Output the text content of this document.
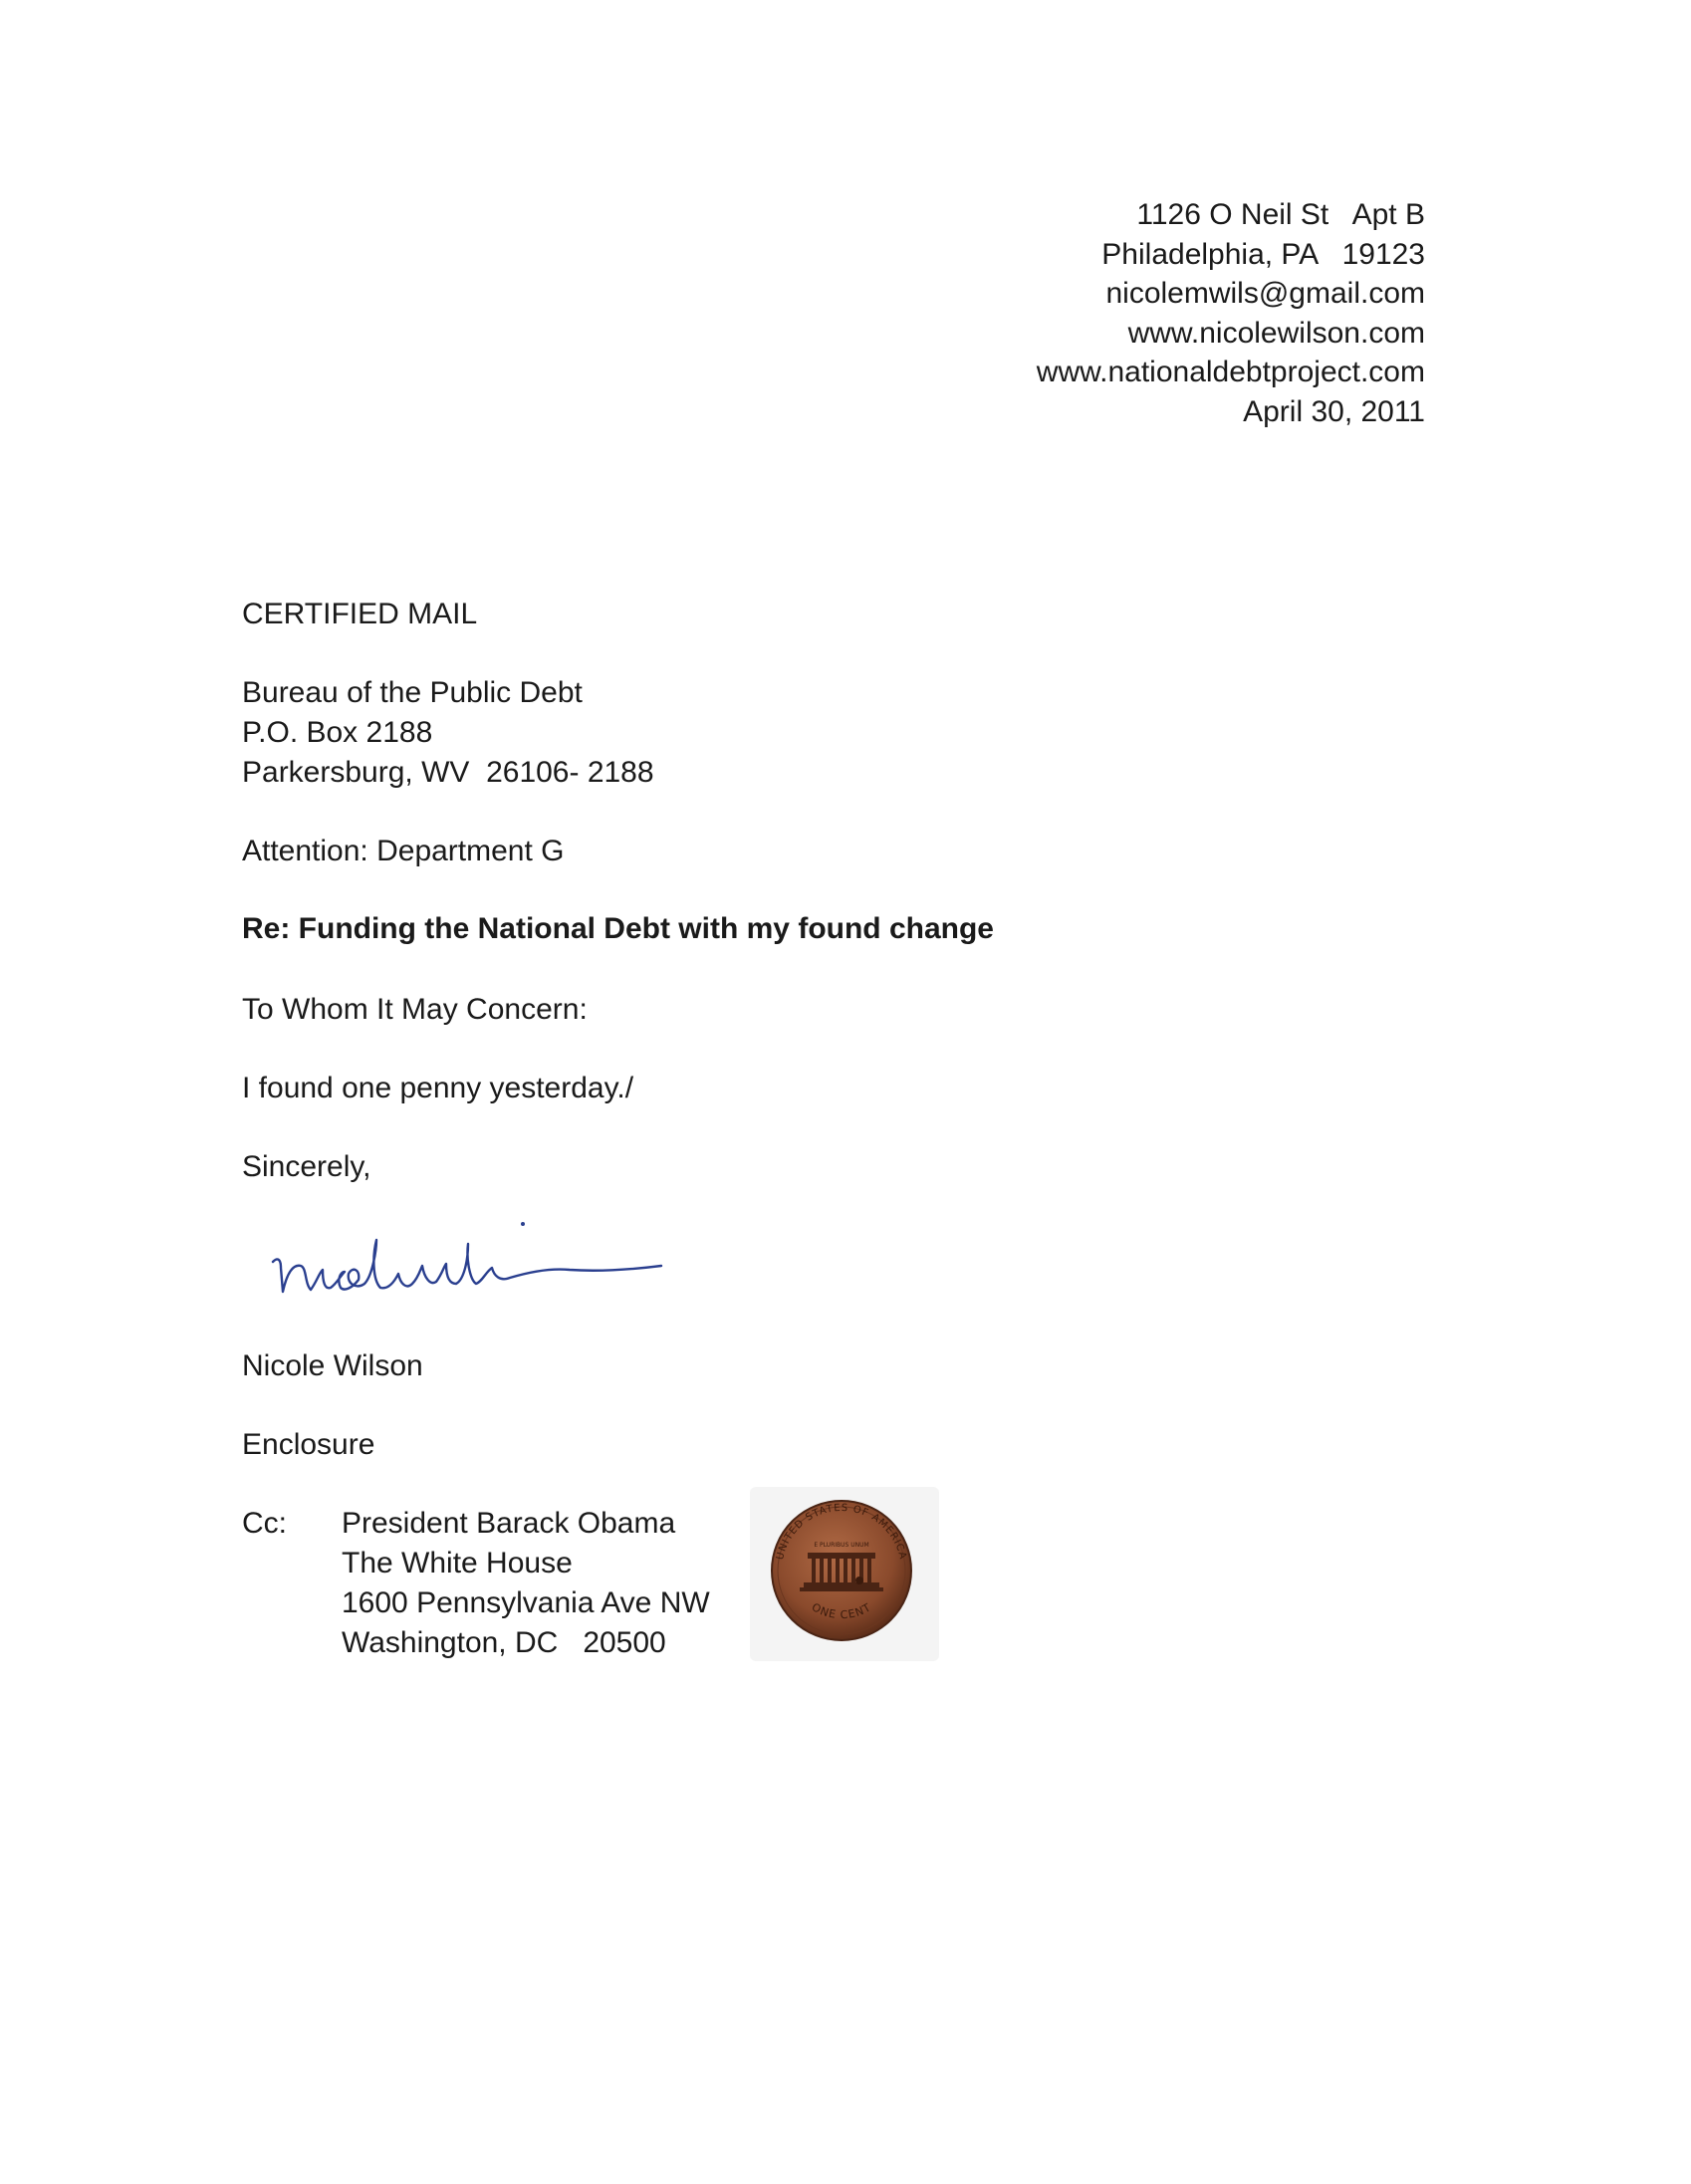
1126 O Neil St   Apt B
Philadelphia, PA   19123
nicolemwils@gmail.com
www.nicolewilson.com
www.nationaldebtproject.com
April 30, 2011
CERTIFIED MAIL
Bureau of the Public Debt
P.O. Box 2188
Parkersburg, WV  26106- 2188
Attention: Department G
Re: Funding the National Debt with my found change
To Whom It May Concern:
I found one penny yesterday./
Sincerely,
Nicole Wilson
Enclosure
Cc: President Barack Obama
The White House
1600 Pennsylvania Ave NW
Washington, DC   20500
UNITED STATES OF AMERICA
ONE CENT
E PLURIBUS UNUM
